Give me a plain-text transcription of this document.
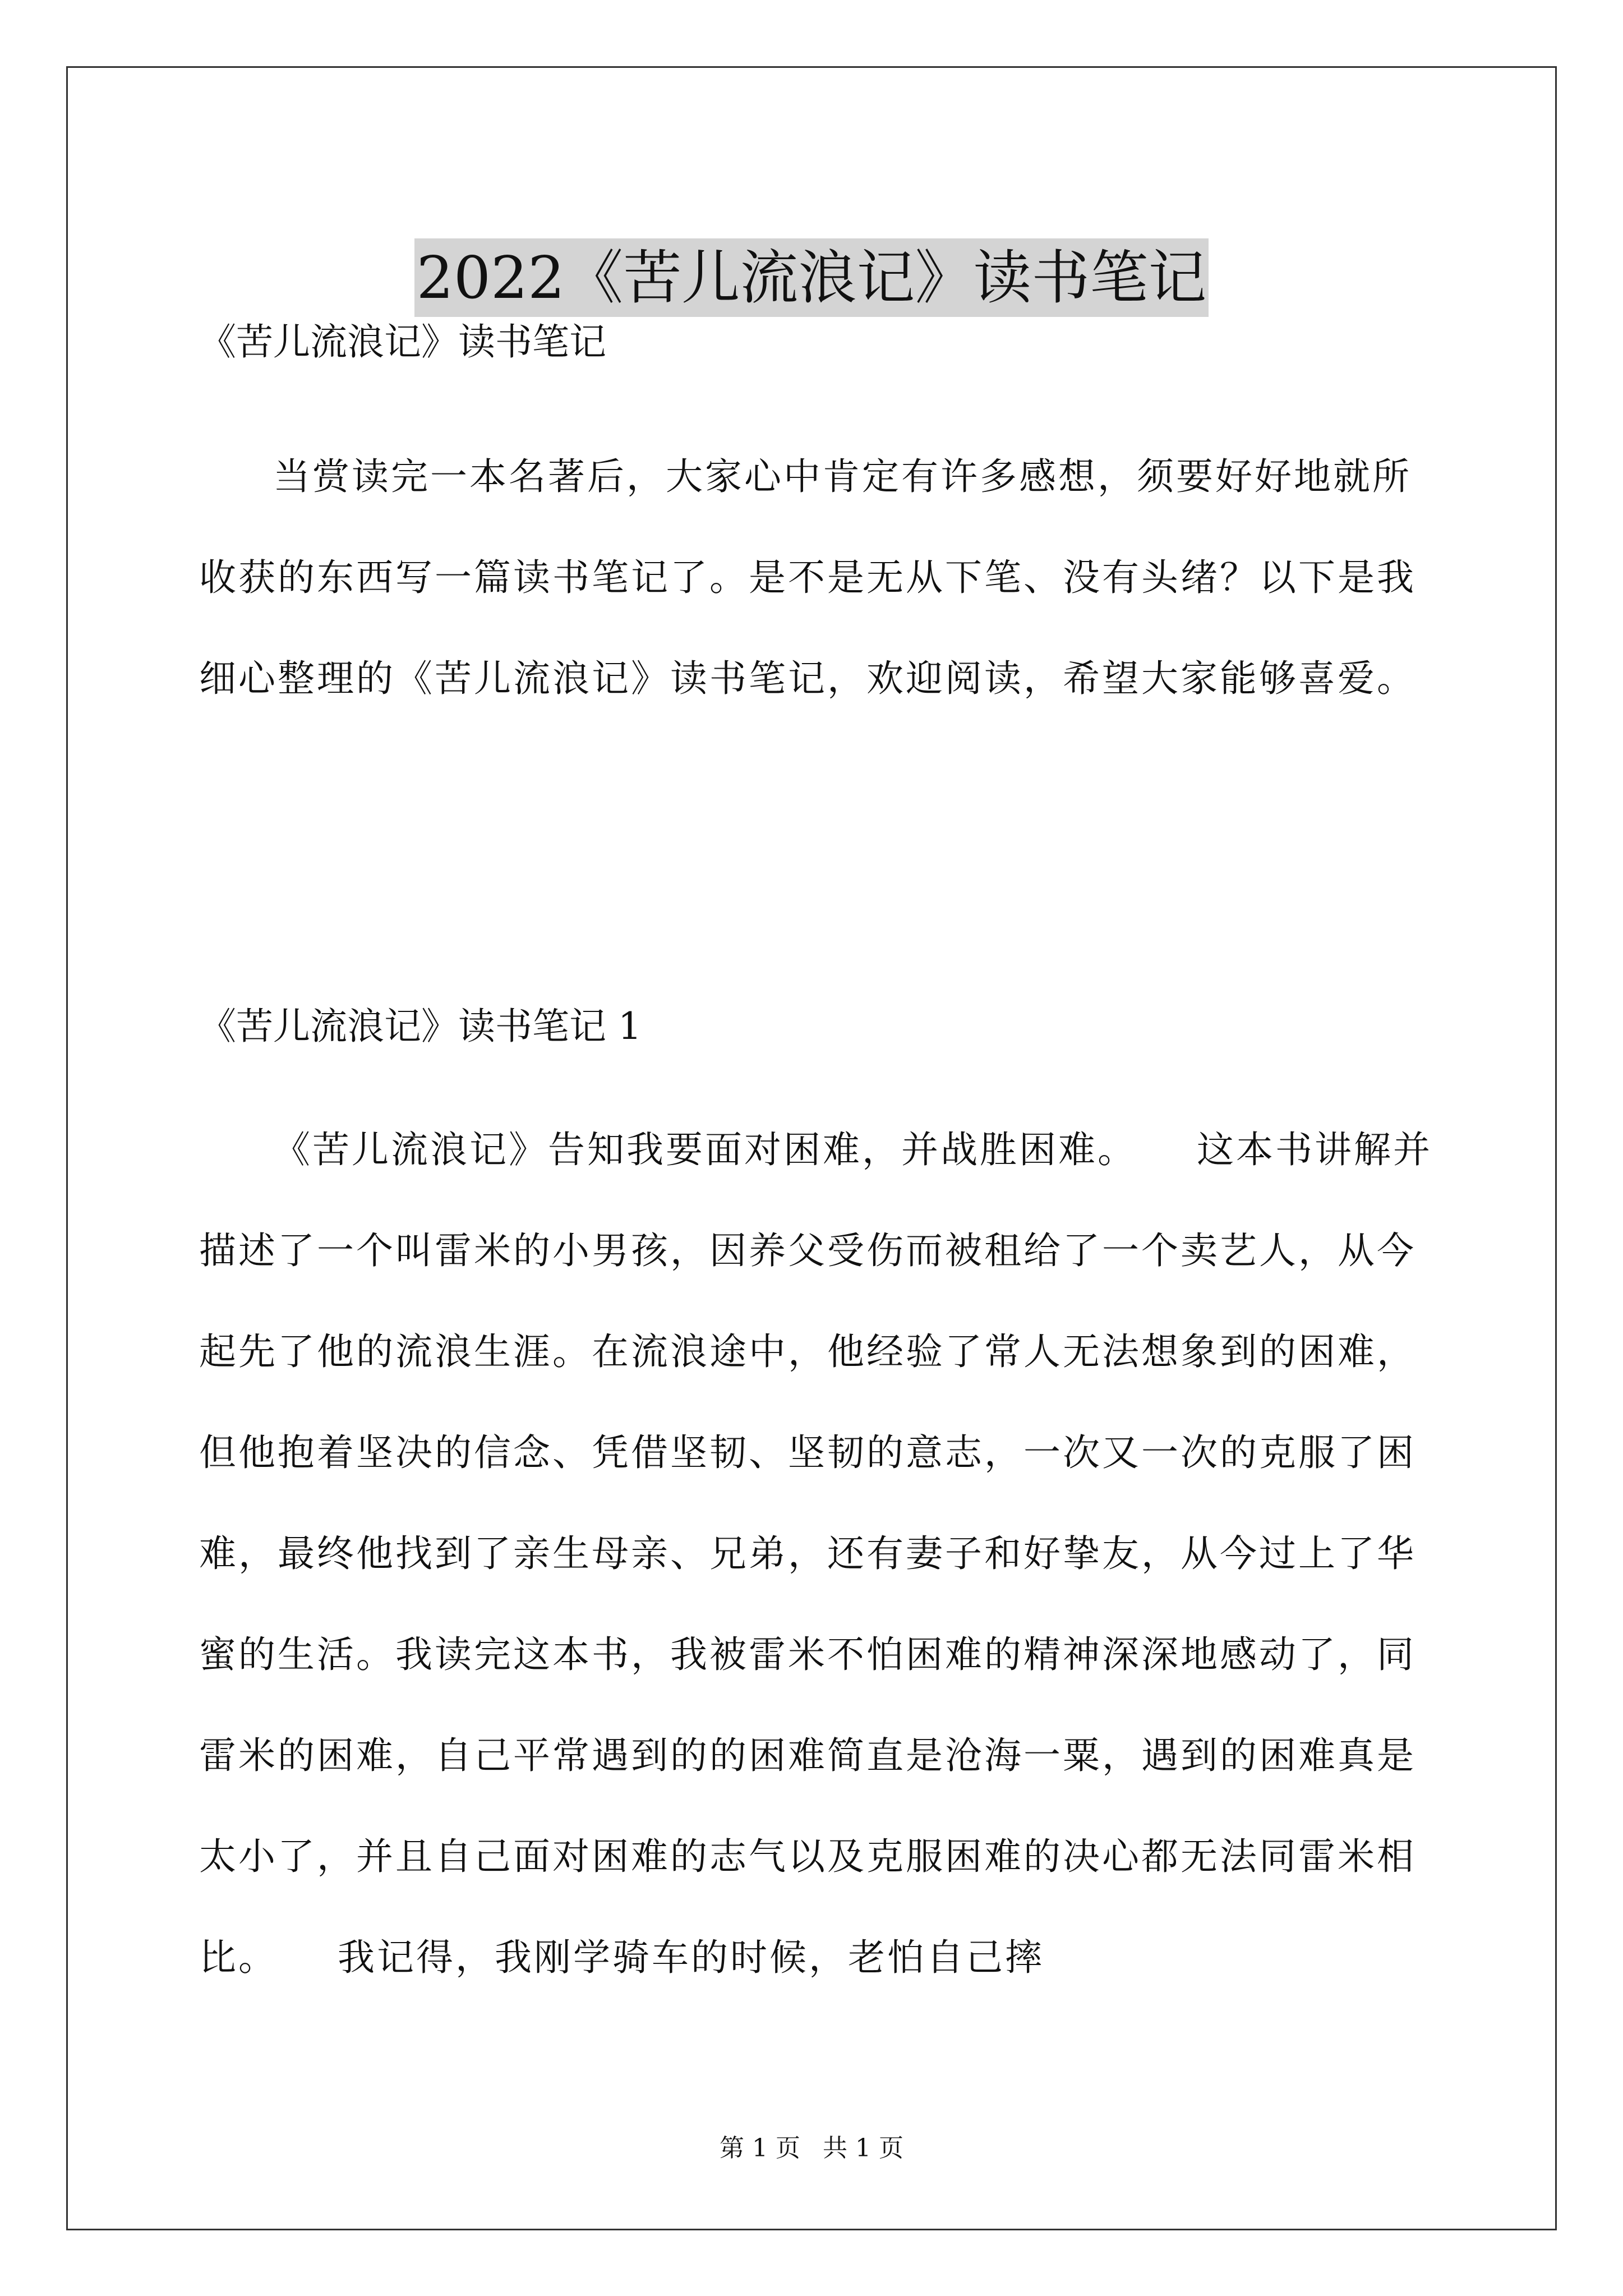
2022《苦儿流浪记》读书笔记
《苦儿流浪记》读书笔记

当赏读完一本名著后，大家心中肯定有许多感想，须要好好地就所收获的东西写一篇读书笔记了。是不是无从下笔、没有头绪？以下是我细心整理的《苦儿流浪记》读书笔记，欢迎阅读，希望大家能够喜爱。

《苦儿流浪记》读书笔记 1

《苦儿流浪记》告知我要面对困难，并战胜困难。　　这本书讲解并描述了一个叫雷米的小男孩，因养父受伤而被租给了一个卖艺人，从今起先了他的流浪生涯。在流浪途中，他经验了常人无法想象到的困难，但他抱着坚决的信念、凭借坚韧、坚韧的意志，一次又一次的克服了困难，最终他找到了亲生母亲、兄弟，还有妻子和好挚友，从今过上了华蜜的生活。我读完这本书，我被雷米不怕困难的精神深深地感动了，同雷米的困难，自己平常遇到的的困难简直是沧海一粟，遇到的困难真是太小了，并且自己面对困难的志气以及克服困难的决心都无法同雷米相比。　　我记得，我刚学骑车的时候，老怕自己摔

第 1 页 共 1 页
